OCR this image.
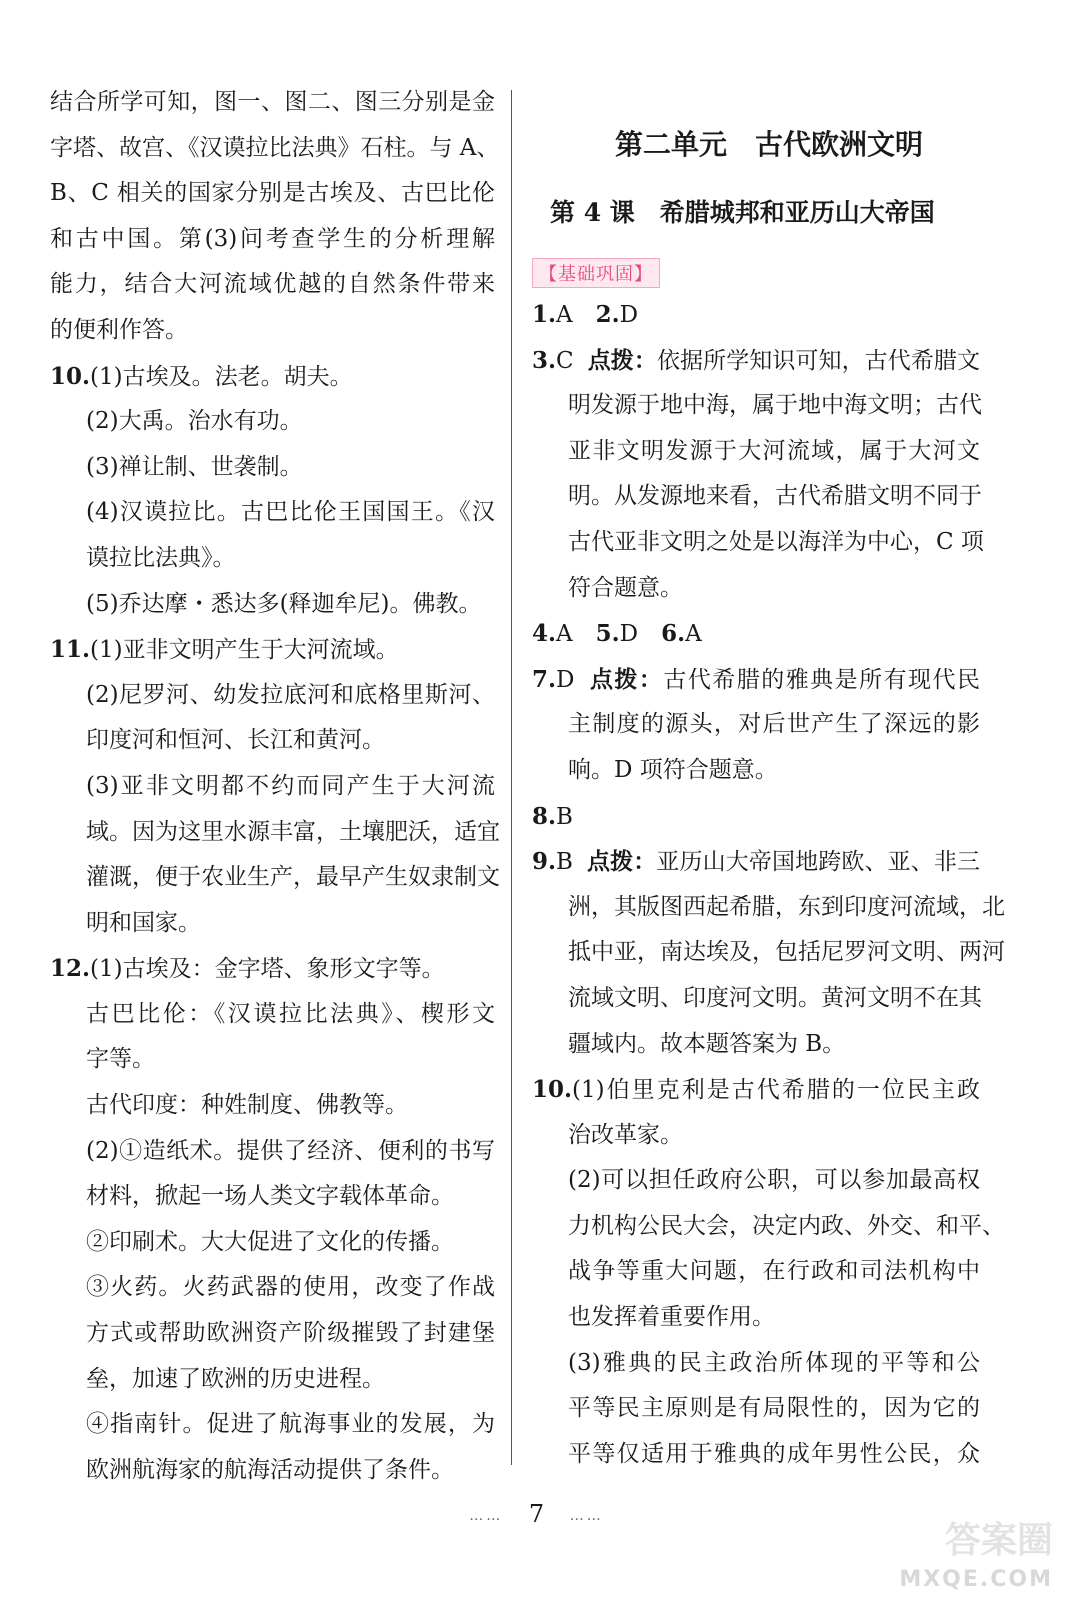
结合所学可知，图一、图二、图三分别是金
字塔、故宫、《汉谟拉比法典》石柱。与 A、
B、C 相关的国家分别是古埃及、古巴比伦
和古中国。第(3)问考查学生的分析理解
能力，结合大河流域优越的自然条件带来
的便利作答。
10.(1)古埃及。法老。胡夫。
(2)大禹。治水有功。
(3)禅让制、世袭制。
(4)汉谟拉比。古巴比伦王国国王。《汉
谟拉比法典》。
(5)乔达摩・悉达多(释迦牟尼)。佛教。
11.(1)亚非文明产生于大河流域。
(2)尼罗河、幼发拉底河和底格里斯河、
印度河和恒河、长江和黄河。
(3)亚非文明都不约而同产生于大河流
域。因为这里水源丰富，土壤肥沃，适宜
灌溉，便于农业生产，最早产生奴隶制文
明和国家。
12.(1)古埃及：金字塔、象形文字等。
古巴比伦：《汉谟拉比法典》、楔形文
字等。
古代印度：种姓制度、佛教等。
(2)①造纸术。提供了经济、便利的书写
材料，掀起一场人类文字载体革命。
②印刷术。大大促进了文化的传播。
③火药。火药武器的使用，改变了作战
方式或帮助欧洲资产阶级摧毁了封建堡
垒，加速了欧洲的历史进程。
④指南针。促进了航海事业的发展，为
欧洲航海家的航海活动提供了条件。
第二单元　古代欧洲文明
第 4 课　希腊城邦和亚历山大帝国
【基础巩固】
1.A　2.D
3.C 点拨：依据所学知识可知，古代希腊文
明发源于地中海，属于地中海文明；古代
亚非文明发源于大河流域，属于大河文
明。从发源地来看，古代希腊文明不同于
古代亚非文明之处是以海洋为中心，C 项
符合题意。
4.A　5.D　6.A
7.D 点拨：古代希腊的雅典是所有现代民
主制度的源头，对后世产生了深远的影
响。D 项符合题意。
8.B
9.B 点拨：亚历山大帝国地跨欧、亚、非三
洲，其版图西起希腊，东到印度河流域，北
抵中亚，南达埃及，包括尼罗河文明、两河
流域文明、印度河文明。黄河文明不在其
疆域内。故本题答案为 B。
10.(1)伯里克利是古代希腊的一位民主政
治改革家。
(2)可以担任政府公职，可以参加最高权
力机构公民大会，决定内政、外交、和平、
战争等重大问题，在行政和司法机构中
也发挥着重要作用。
(3)雅典的民主政治所体现的平等和公
平等民主原则是有局限性的，因为它的
平等仅适用于雅典的成年男性公民，众
…… 7 ……
答案圈
MXQE.COM
